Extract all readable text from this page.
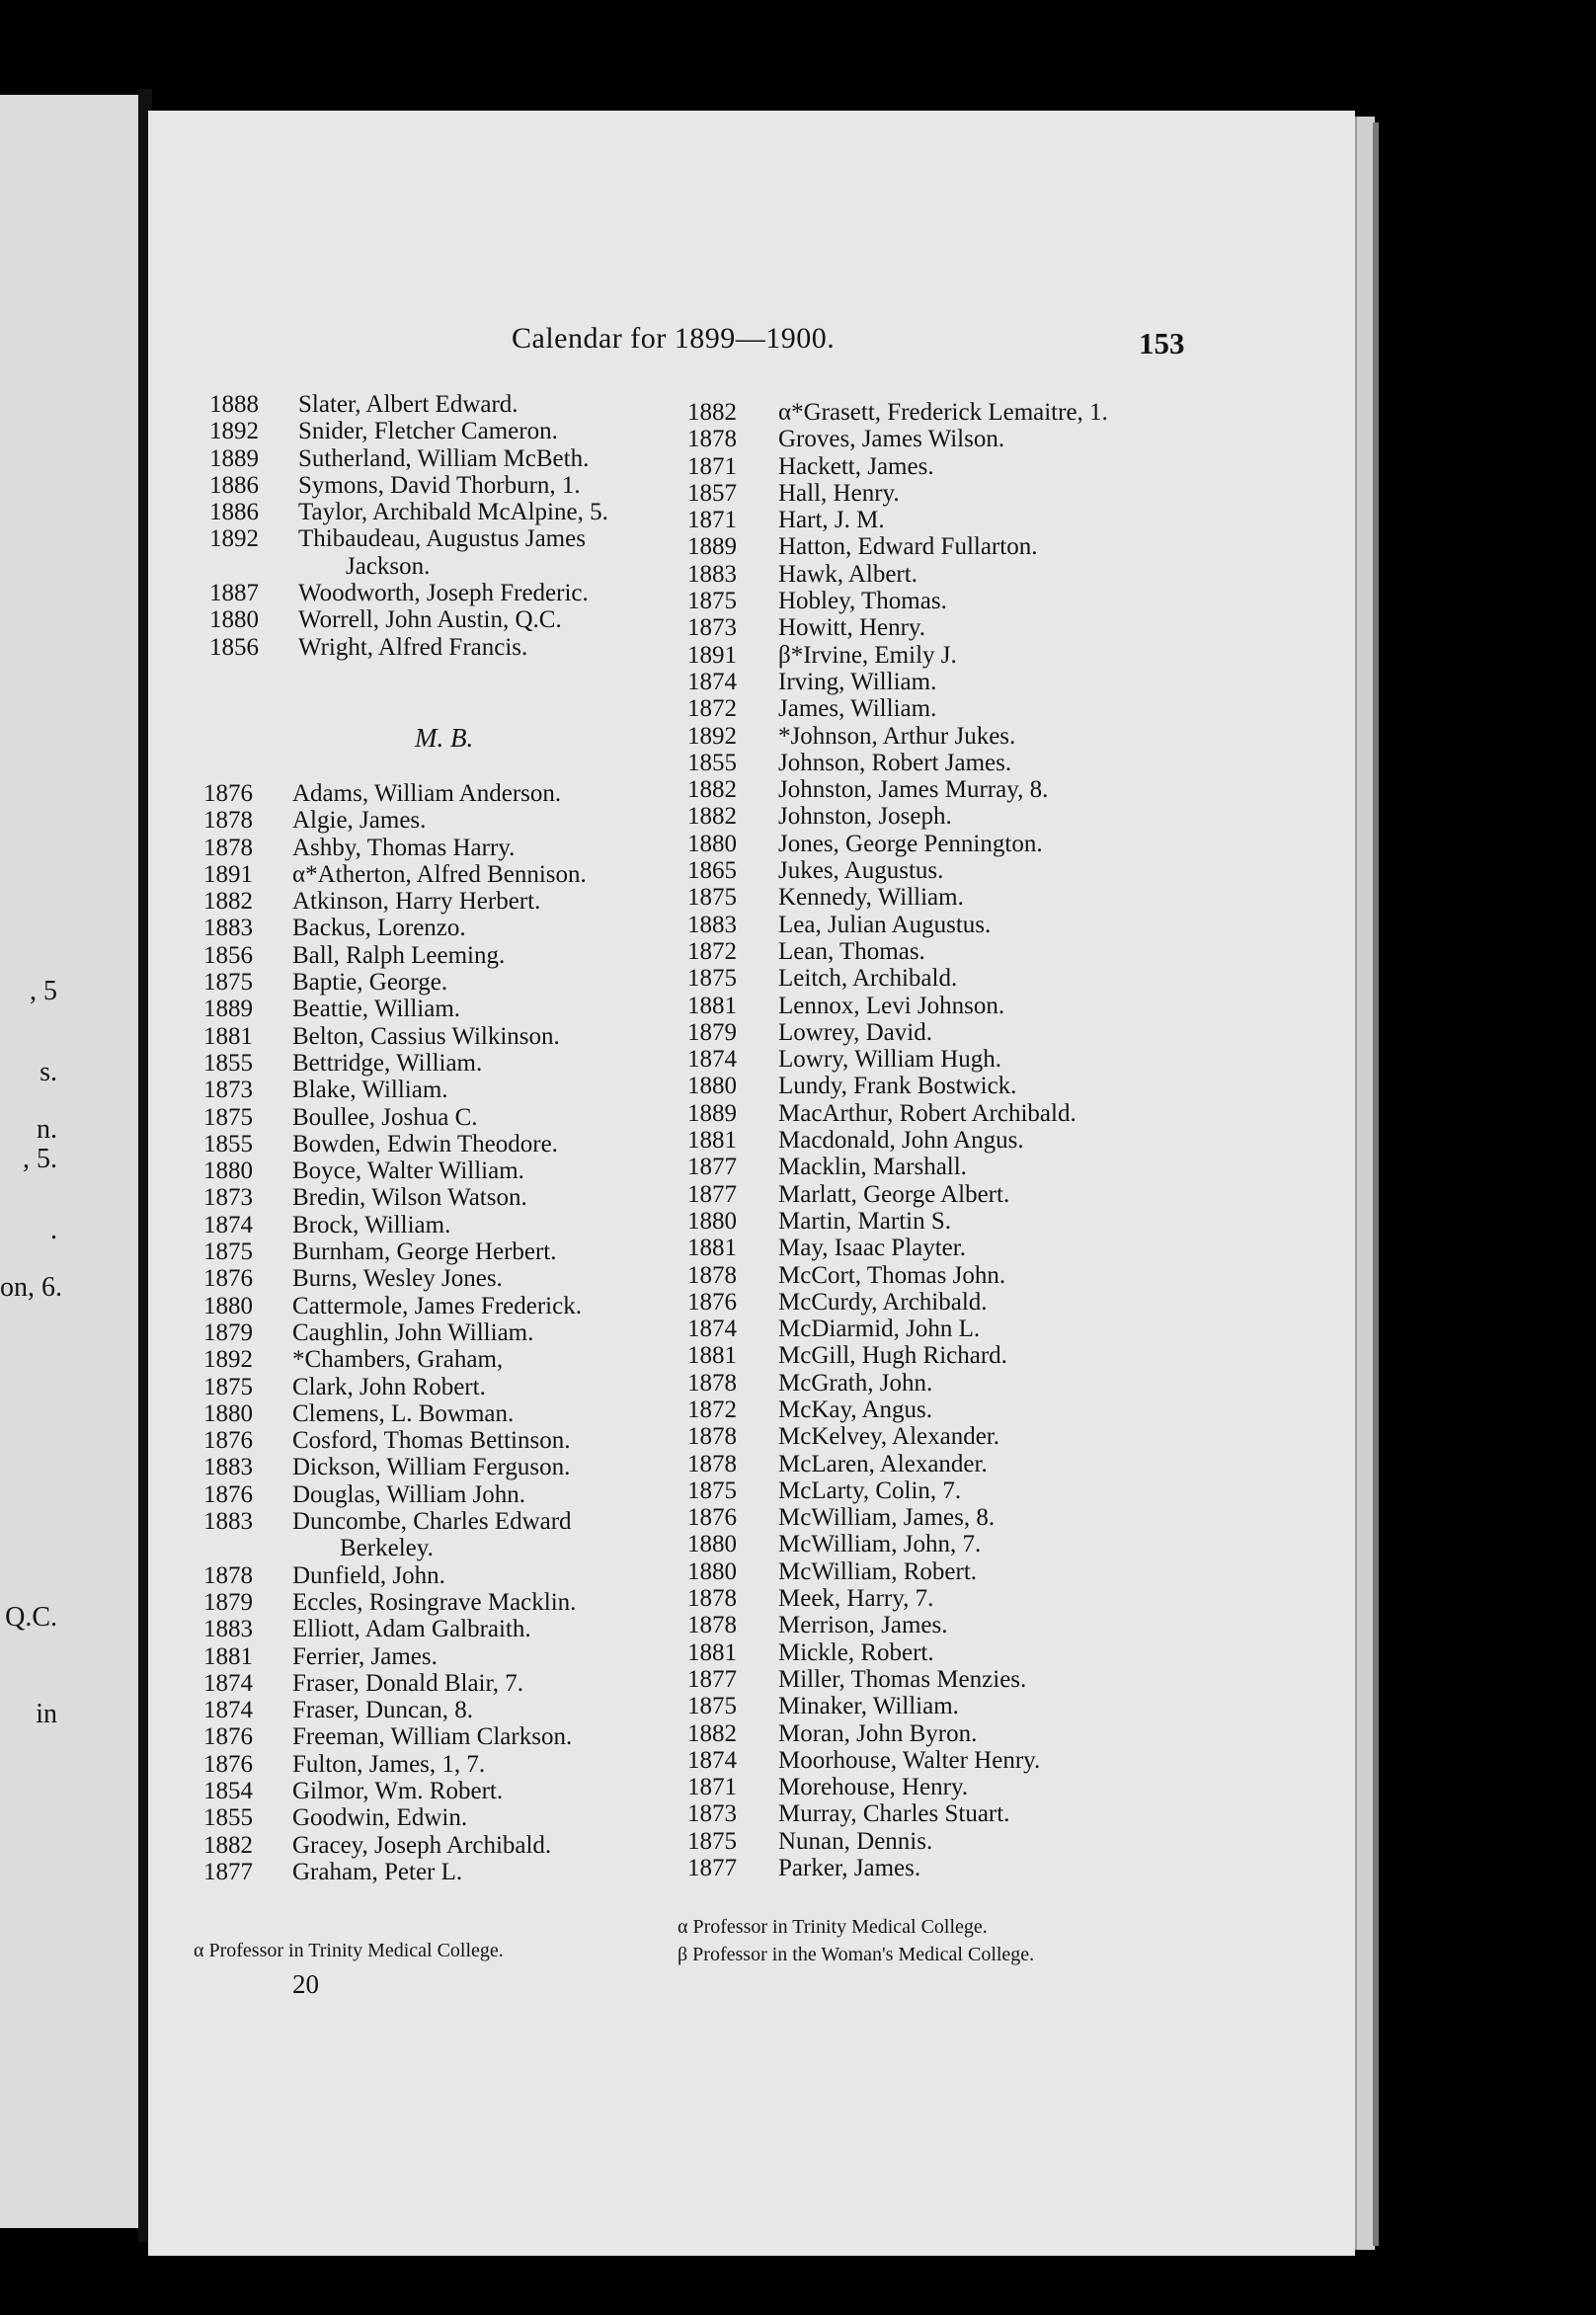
, 5
s.
n.
, 5.
.
on, 6.
Q.C.
in
Calendar for 1899—1900.	153
1888 Slater, Albert Edward.
1892 Snider, Fletcher Cameron.
1889 Sutherland, William McBeth.
1886 Symons, David Thorburn, 1.
1886 Taylor, Archibald McAlpine, 5.
1892 Thibaudeau, Augustus James
Jackson.
1887 Woodworth, Joseph Frederic.
1880 Worrell, John Austin, Q.C.
1856 Wright, Alfred Francis.
M. B.
1876 Adams, William Anderson.
1878 Algie, James.
1878 Ashby, Thomas Harry.
1891 α*Atherton, Alfred Bennison.
1882 Atkinson, Harry Herbert.
1883 Backus, Lorenzo.
1856 Ball, Ralph Leeming.
1875 Baptie, George.
1889 Beattie, William.
1881 Belton, Cassius Wilkinson.
1855 Bettridge, William.
1873 Blake, William.
1875 Boullee, Joshua C.
1855 Bowden, Edwin Theodore.
1880 Boyce, Walter William.
1873 Bredin, Wilson Watson.
1874 Brock, William.
1875 Burnham, George Herbert.
1876 Burns, Wesley Jones.
1880 Cattermole, James Frederick.
1879 Caughlin, John William.
1892 *Chambers, Graham,
1875 Clark, John Robert.
1880 Clemens, L. Bowman.
1876 Cosford, Thomas Bettinson.
1883 Dickson, William Ferguson.
1876 Douglas, William John.
1883 Duncombe, Charles Edward
Berkeley.
1878 Dunfield, John.
1879 Eccles, Rosingrave Macklin.
1883 Elliott, Adam Galbraith.
1881 Ferrier, James.
1874 Fraser, Donald Blair, 7.
1874 Fraser, Duncan, 8.
1876 Freeman, William Clarkson.
1876 Fulton, James, 1, 7.
1854 Gilmor, Wm. Robert.
1855 Goodwin, Edwin.
1882 Gracey, Joseph Archibald.
1877 Graham, Peter L.
1882 α*Grasett, Frederick Lemaitre, 1.
1878 Groves, James Wilson.
1871 Hackett, James.
1857 Hall, Henry.
1871 Hart, J. M.
1889 Hatton, Edward Fullarton.
1883 Hawk, Albert.
1875 Hobley, Thomas.
1873 Howitt, Henry.
1891 β*Irvine, Emily J.
1874 Irving, William.
1872 James, William.
1892 *Johnson, Arthur Jukes.
1855 Johnson, Robert James.
1882 Johnston, James Murray, 8.
1882 Johnston, Joseph.
1880 Jones, George Pennington.
1865 Jukes, Augustus.
1875 Kennedy, William.
1883 Lea, Julian Augustus.
1872 Lean, Thomas.
1875 Leitch, Archibald.
1881 Lennox, Levi Johnson.
1879 Lowrey, David.
1874 Lowry, William Hugh.
1880 Lundy, Frank Bostwick.
1889 MacArthur, Robert Archibald.
1881 Macdonald, John Angus.
1877 Macklin, Marshall.
1877 Marlatt, George Albert.
1880 Martin, Martin S.
1881 May, Isaac Playter.
1878 McCort, Thomas John.
1876 McCurdy, Archibald.
1874 McDiarmid, John L.
1881 McGill, Hugh Richard.
1878 McGrath, John.
1872 McKay, Angus.
1878 McKelvey, Alexander.
1878 McLaren, Alexander.
1875 McLarty, Colin, 7.
1876 McWilliam, James, 8.
1880 McWilliam, John, 7.
1880 McWilliam, Robert.
1878 Meek, Harry, 7.
1878 Merrison, James.
1881 Mickle, Robert.
1877 Miller, Thomas Menzies.
1875 Minaker, William.
1882 Moran, John Byron.
1874 Moorhouse, Walter Henry.
1871 Morehouse, Henry.
1873 Murray, Charles Stuart.
1875 Nunan, Dennis.
1877 Parker, James.
α Professor in Trinity Medical College.
α Professor in Trinity Medical College.
β Professor in the Woman's Medical College.
20
